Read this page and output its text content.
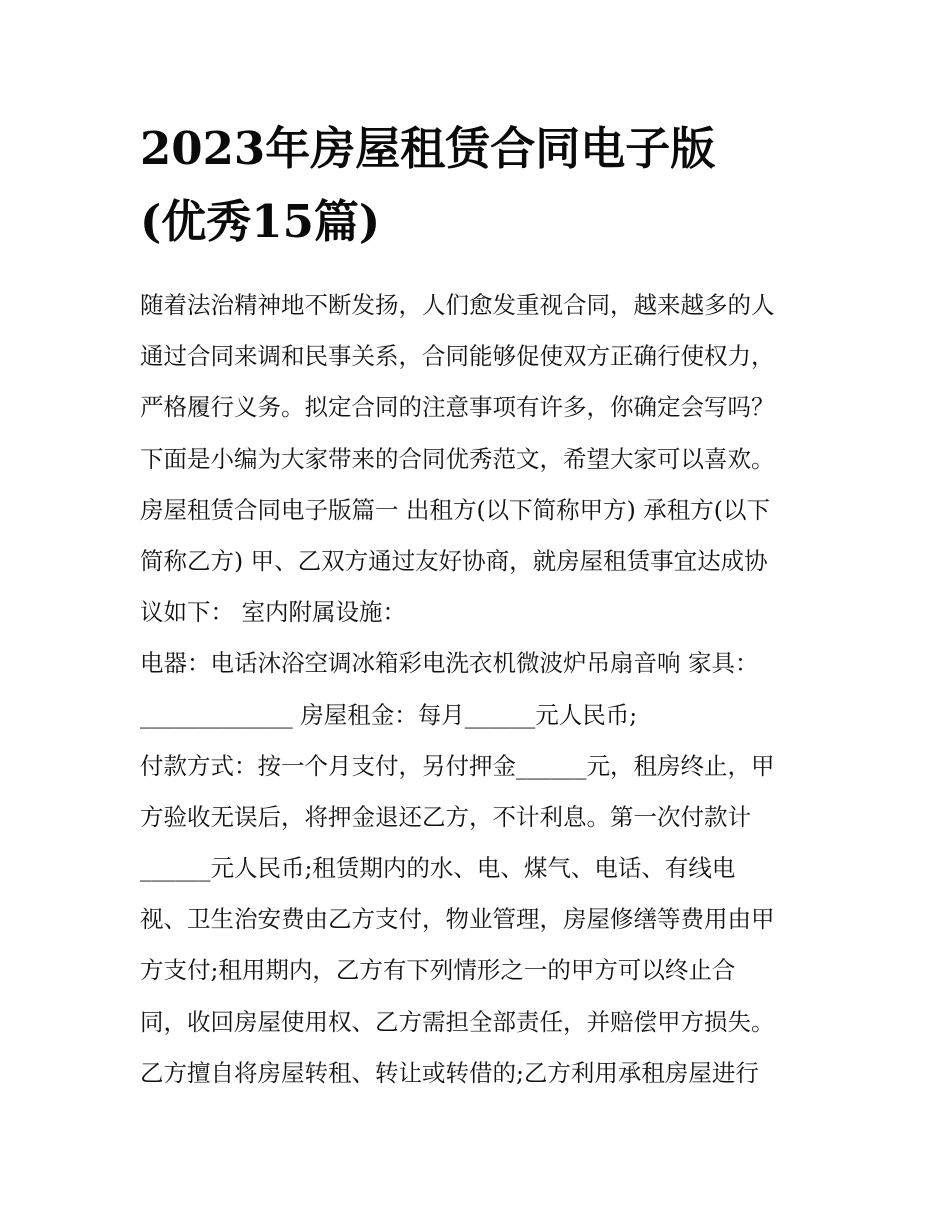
2023年房屋租赁合同电子版
(优秀15篇)
随着法治精神地不断发扬，人们愈发重视合同，越来越多的人
通过合同来调和民事关系，合同能够促使双方正确行使权力，
严格履行义务。拟定合同的注意事项有许多，你确定会写吗？
下面是小编为大家带来的合同优秀范文，希望大家可以喜欢。
房屋租赁合同电子版篇一 出租方(以下简称甲方) 承租方(以下
简称乙方) 甲、乙双方通过友好协商，就房屋租赁事宜达成协
议如下： 室内附属设施：
电器：电话沐浴空调冰箱彩电洗衣机微波炉吊扇音响 家具：
_____________ 房屋租金：每月______元人民币;
付款方式：按一个月支付，另付押金______元，租房终止，甲
方验收无误后，将押金退还乙方，不计利息。第一次付款计
______元人民币;租赁期内的水、电、煤气、电话、有线电
视、卫生治安费由乙方支付，物业管理，房屋修缮等费用由甲
方支付;租用期内，乙方有下列情形之一的甲方可以终止合
同，收回房屋使用权、乙方需担全部责任，并赔偿甲方损失。
乙方擅自将房屋转租、转让或转借的;乙方利用承租房屋进行
